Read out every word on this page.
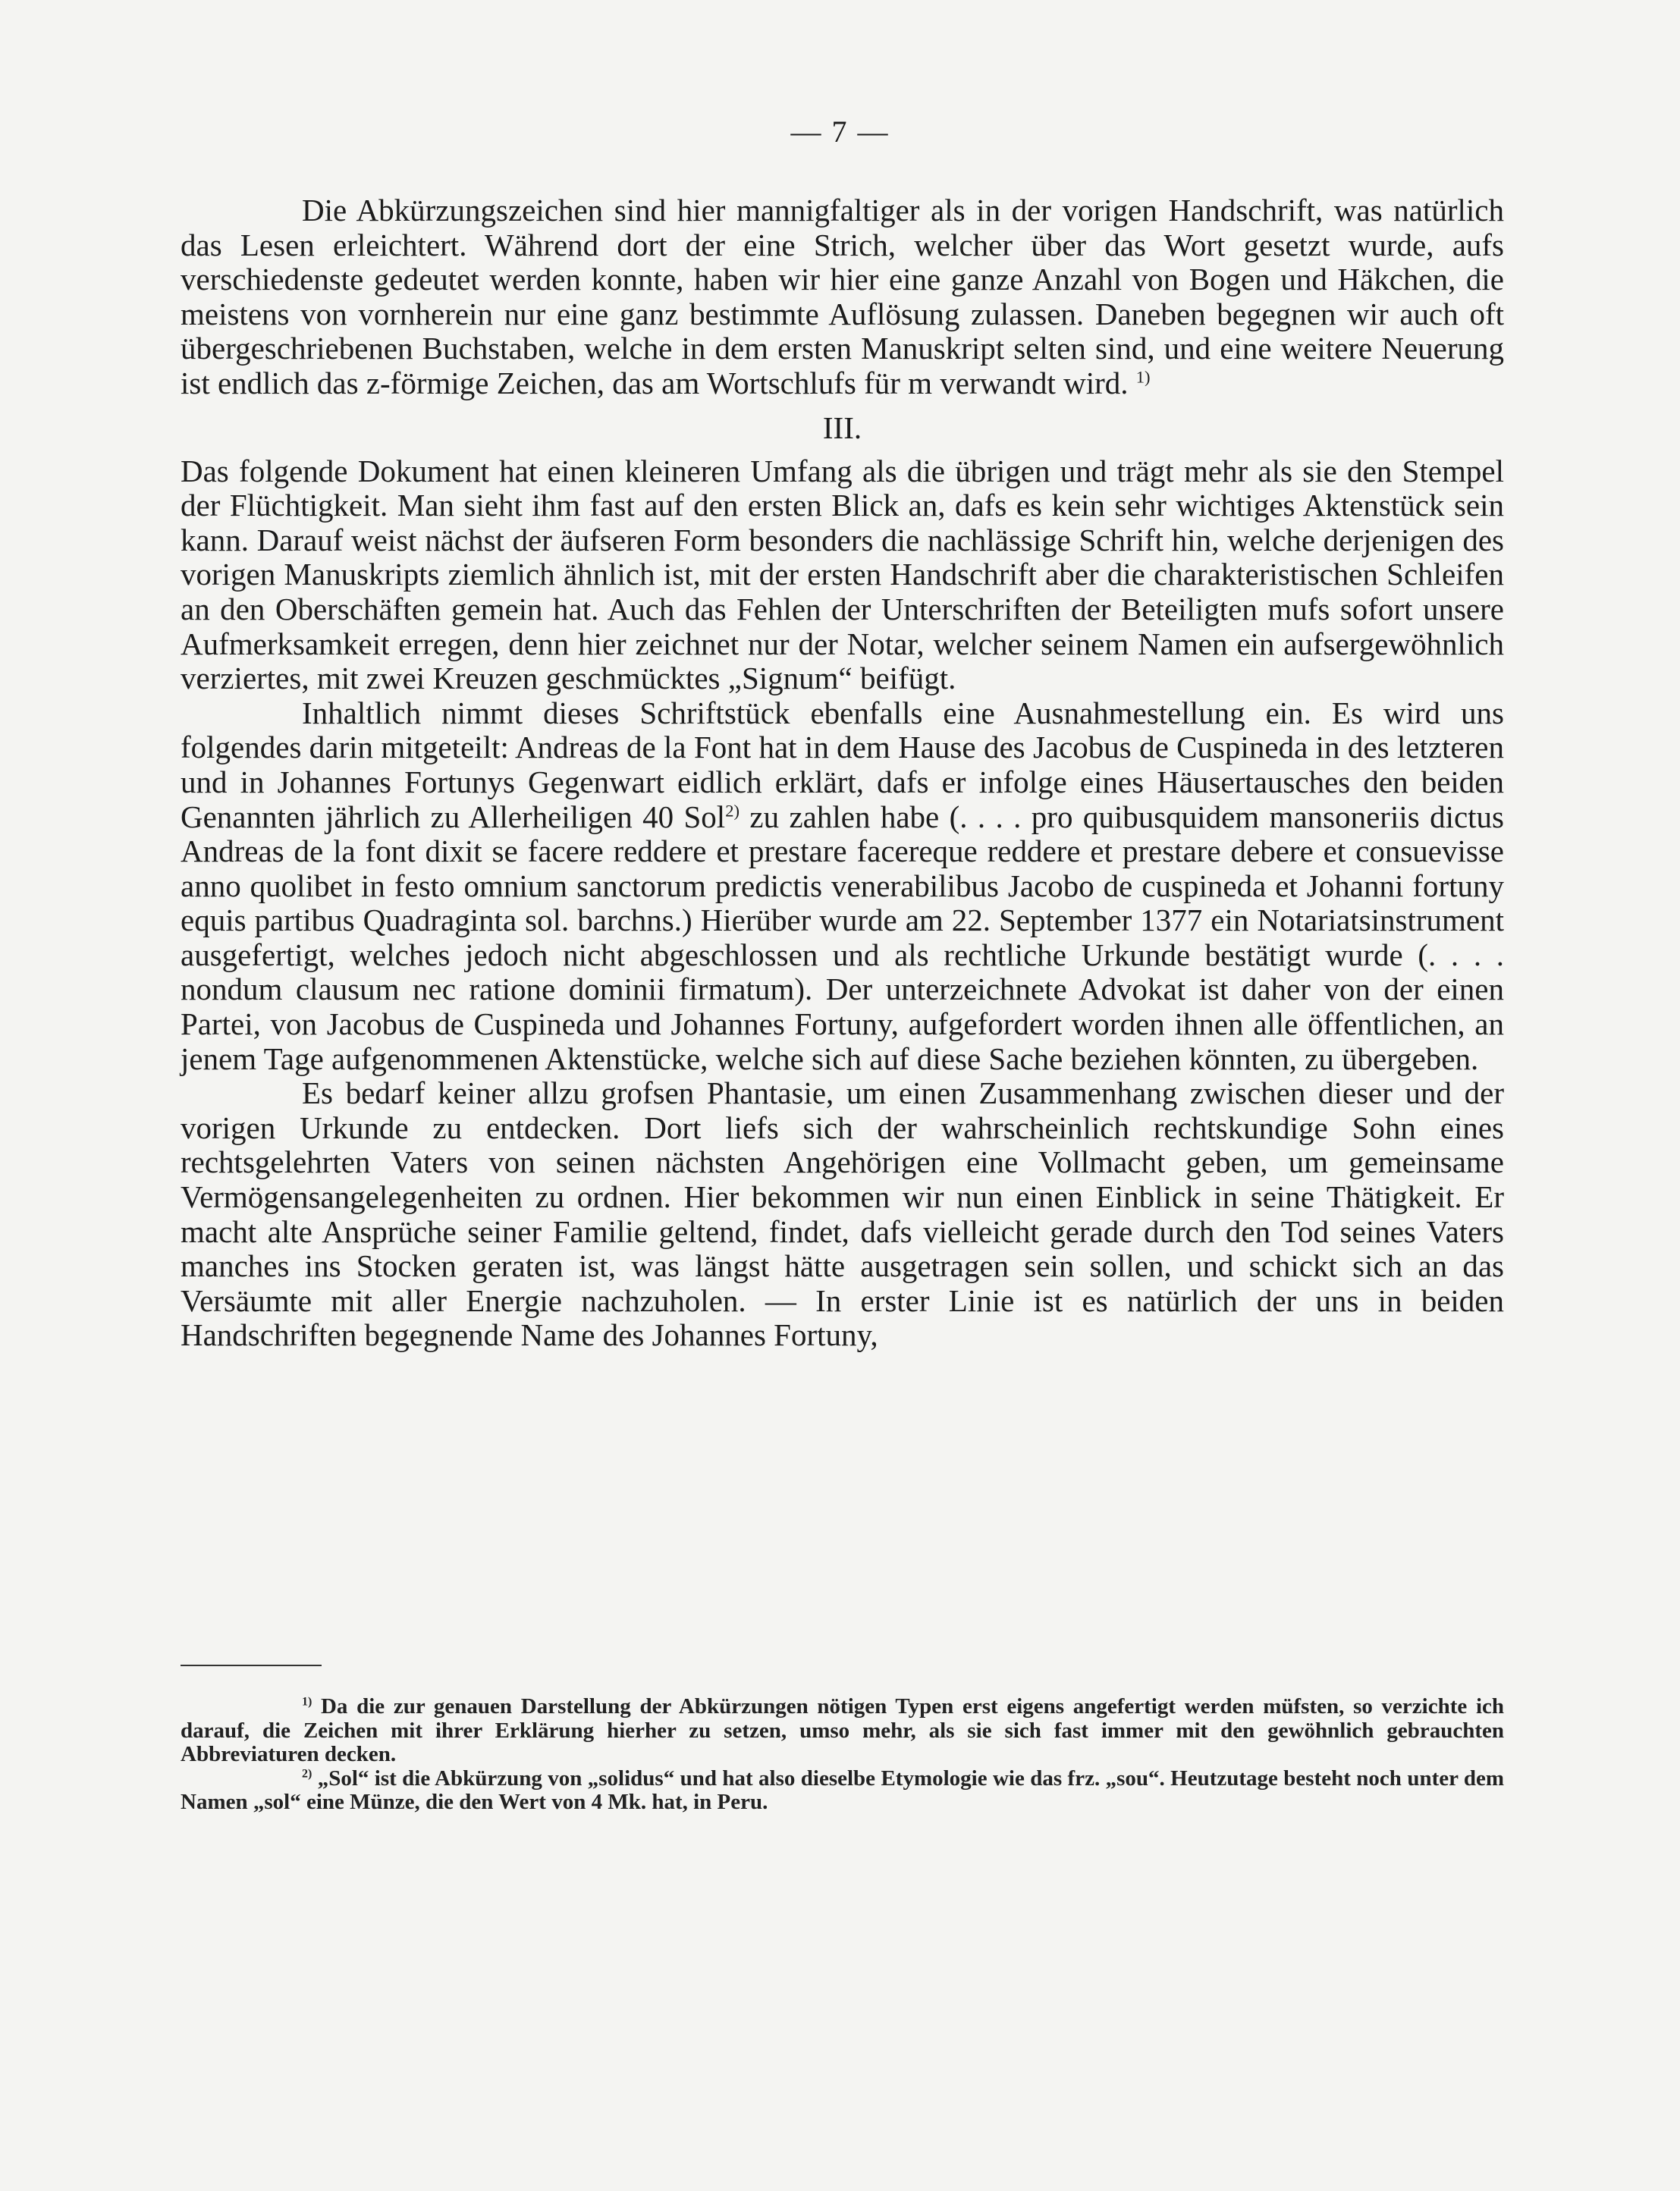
— 7 —

Die Abkürzungszeichen sind hier mannigfaltiger als in der vorigen Handschrift, was natürlich das Lesen erleichtert. Während dort der eine Strich, welcher über das Wort gesetzt wurde, aufs verschiedenste gedeutet werden konnte, haben wir hier eine ganze Anzahl von Bogen und Häkchen, die meistens von vornherein nur eine ganz bestimmte Auflösung zulassen. Daneben begegnen wir auch oft übergeschriebenen Buchstaben, welche in dem ersten Manuskript selten sind, und eine weitere Neuerung ist endlich das z-förmige Zeichen, das am Wortschlufs für m verwandt wird. $^{1)}$

III.

Das folgende Dokument hat einen kleineren Umfang als die übrigen und trägt mehr als sie den Stempel der Flüchtigkeit. Man sieht ihm fast auf den ersten Blick an, dafs es kein sehr wichtiges Aktenstück sein kann. Darauf weist nächst der äufseren Form besonders die nachlässige Schrift hin, welche derjenigen des vorigen Manuskripts ziemlich ähnlich ist, mit der ersten Handschrift aber die charakteristischen Schleifen an den Oberschäften gemein hat. Auch das Fehlen der Unterschriften der Beteiligten mufs sofort unsere Aufmerksamkeit erregen, denn hier zeichnet nur der Notar, welcher seinem Namen ein aufsergewöhnlich verziertes, mit zwei Kreuzen geschmücktes „Signum“ beifügt.

Inhaltlich nimmt dieses Schriftstück ebenfalls eine Ausnahmestellung ein. Es wird uns folgendes darin mitgeteilt: Andreas de la Font hat in dem Hause des Jacobus de Cuspineda in des letzteren und in Johannes Fortunys Gegenwart eidlich erklärt, dafs er infolge eines Häusertausches den beiden Genannten jährlich zu Allerheiligen 40 Sol$^{2)}$ zu zahlen habe (. . . . pro quibusquidem mansoneriis dictus Andreas de la font dixit se facere reddere et prestare facereque reddere et prestare debere et consuevisse anno quolibet in festo omnium sanctorum predictis venerabilibus Jacobo de cuspineda et Johanni fortuny equis partibus Quadraginta sol. barchns.) Hierüber wurde am 22. September 1377 ein Notariatsinstrument ausgefertigt, welches jedoch nicht abgeschlossen und als rechtliche Urkunde bestätigt wurde (. . . . nondum clausum nec ratione dominii firmatum). Der unterzeichnete Advokat ist daher von der einen Partei, von Jacobus de Cuspineda und Johannes Fortuny, aufgefordert worden ihnen alle öffentlichen, an jenem Tage aufgenommenen Aktenstücke, welche sich auf diese Sache beziehen könnten, zu übergeben.

Es bedarf keiner allzu grofsen Phantasie, um einen Zusammenhang zwischen dieser und der vorigen Urkunde zu entdecken. Dort liefs sich der wahrscheinlich rechtskundige Sohn eines rechtsgelehrten Vaters von seinen nächsten Angehörigen eine Vollmacht geben, um gemeinsame Vermögensangelegenheiten zu ordnen. Hier bekommen wir nun einen Einblick in seine Thätigkeit. Er macht alte Ansprüche seiner Familie geltend, findet, dafs vielleicht gerade durch den Tod seines Vaters manches ins Stocken geraten ist, was längst hätte ausgetragen sein sollen, und schickt sich an das Versäumte mit aller Energie nachzuholen. — In erster Linie ist es natürlich der uns in beiden Handschriften begegnende Name des Johannes Fortuny,

$^{1)}$ Da die zur genauen Darstellung der Abkürzungen nötigen Typen erst eigens angefertigt werden müfsten, so verzichte ich darauf, die Zeichen mit ihrer Erklärung hierher zu setzen, umso mehr, als sie sich fast immer mit den gewöhnlich gebrauchten Abbreviaturen decken.

$^{2)}$ „Sol“ ist die Abkürzung von „solidus“ und hat also dieselbe Etymologie wie das frz. „sou“. Heutzutage besteht noch unter dem Namen „sol“ eine Münze, die den Wert von 4 Mk. hat, in Peru.
